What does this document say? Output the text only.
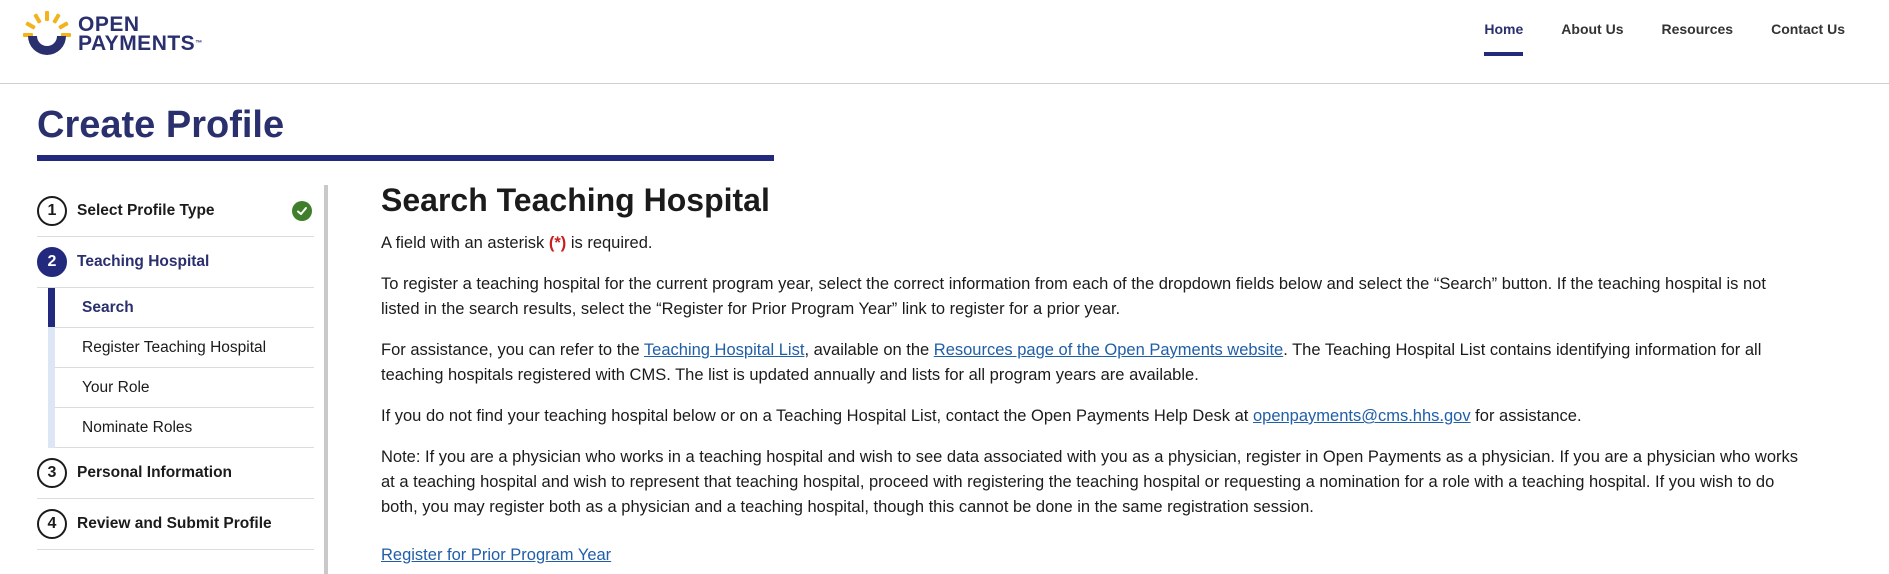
OPEN
PAYMENTS™
Home	About Us	Resources	Contact Us
Create Profile
1	Select Profile Type
2	Teaching Hospital
Search
Register Teaching Hospital
Your Role
Nominate Roles
3	Personal Information
4	Review and Submit Profile
Search Teaching Hospital

A field with an asterisk (*) is required.

To register a teaching hospital for the current program year, select the correct information from each of the dropdown fields below and select the “Search” button. If the teaching hospital is not listed in the search results, select the “Register for Prior Program Year” link to register for a prior year.

For assistance, you can refer to the Teaching Hospital List, available on the Resources page of the Open Payments website. The Teaching Hospital List contains identifying information for all teaching hospitals registered with CMS. The list is updated annually and lists for all program years are available.

If you do not find your teaching hospital below or on a Teaching Hospital List, contact the Open Payments Help Desk at openpayments@cms.hhs.gov for assistance.

Note: If you are a physician who works in a teaching hospital and wish to see data associated with you as a physician, register in Open Payments as a physician. If you are a physician who works at a teaching hospital and wish to represent that teaching hospital, proceed with registering the teaching hospital or requesting a nomination for a role with a teaching hospital. If you wish to do both, you may register both as a physician and a teaching hospital, though this cannot be done in the same registration session.

Register for Prior Program Year
